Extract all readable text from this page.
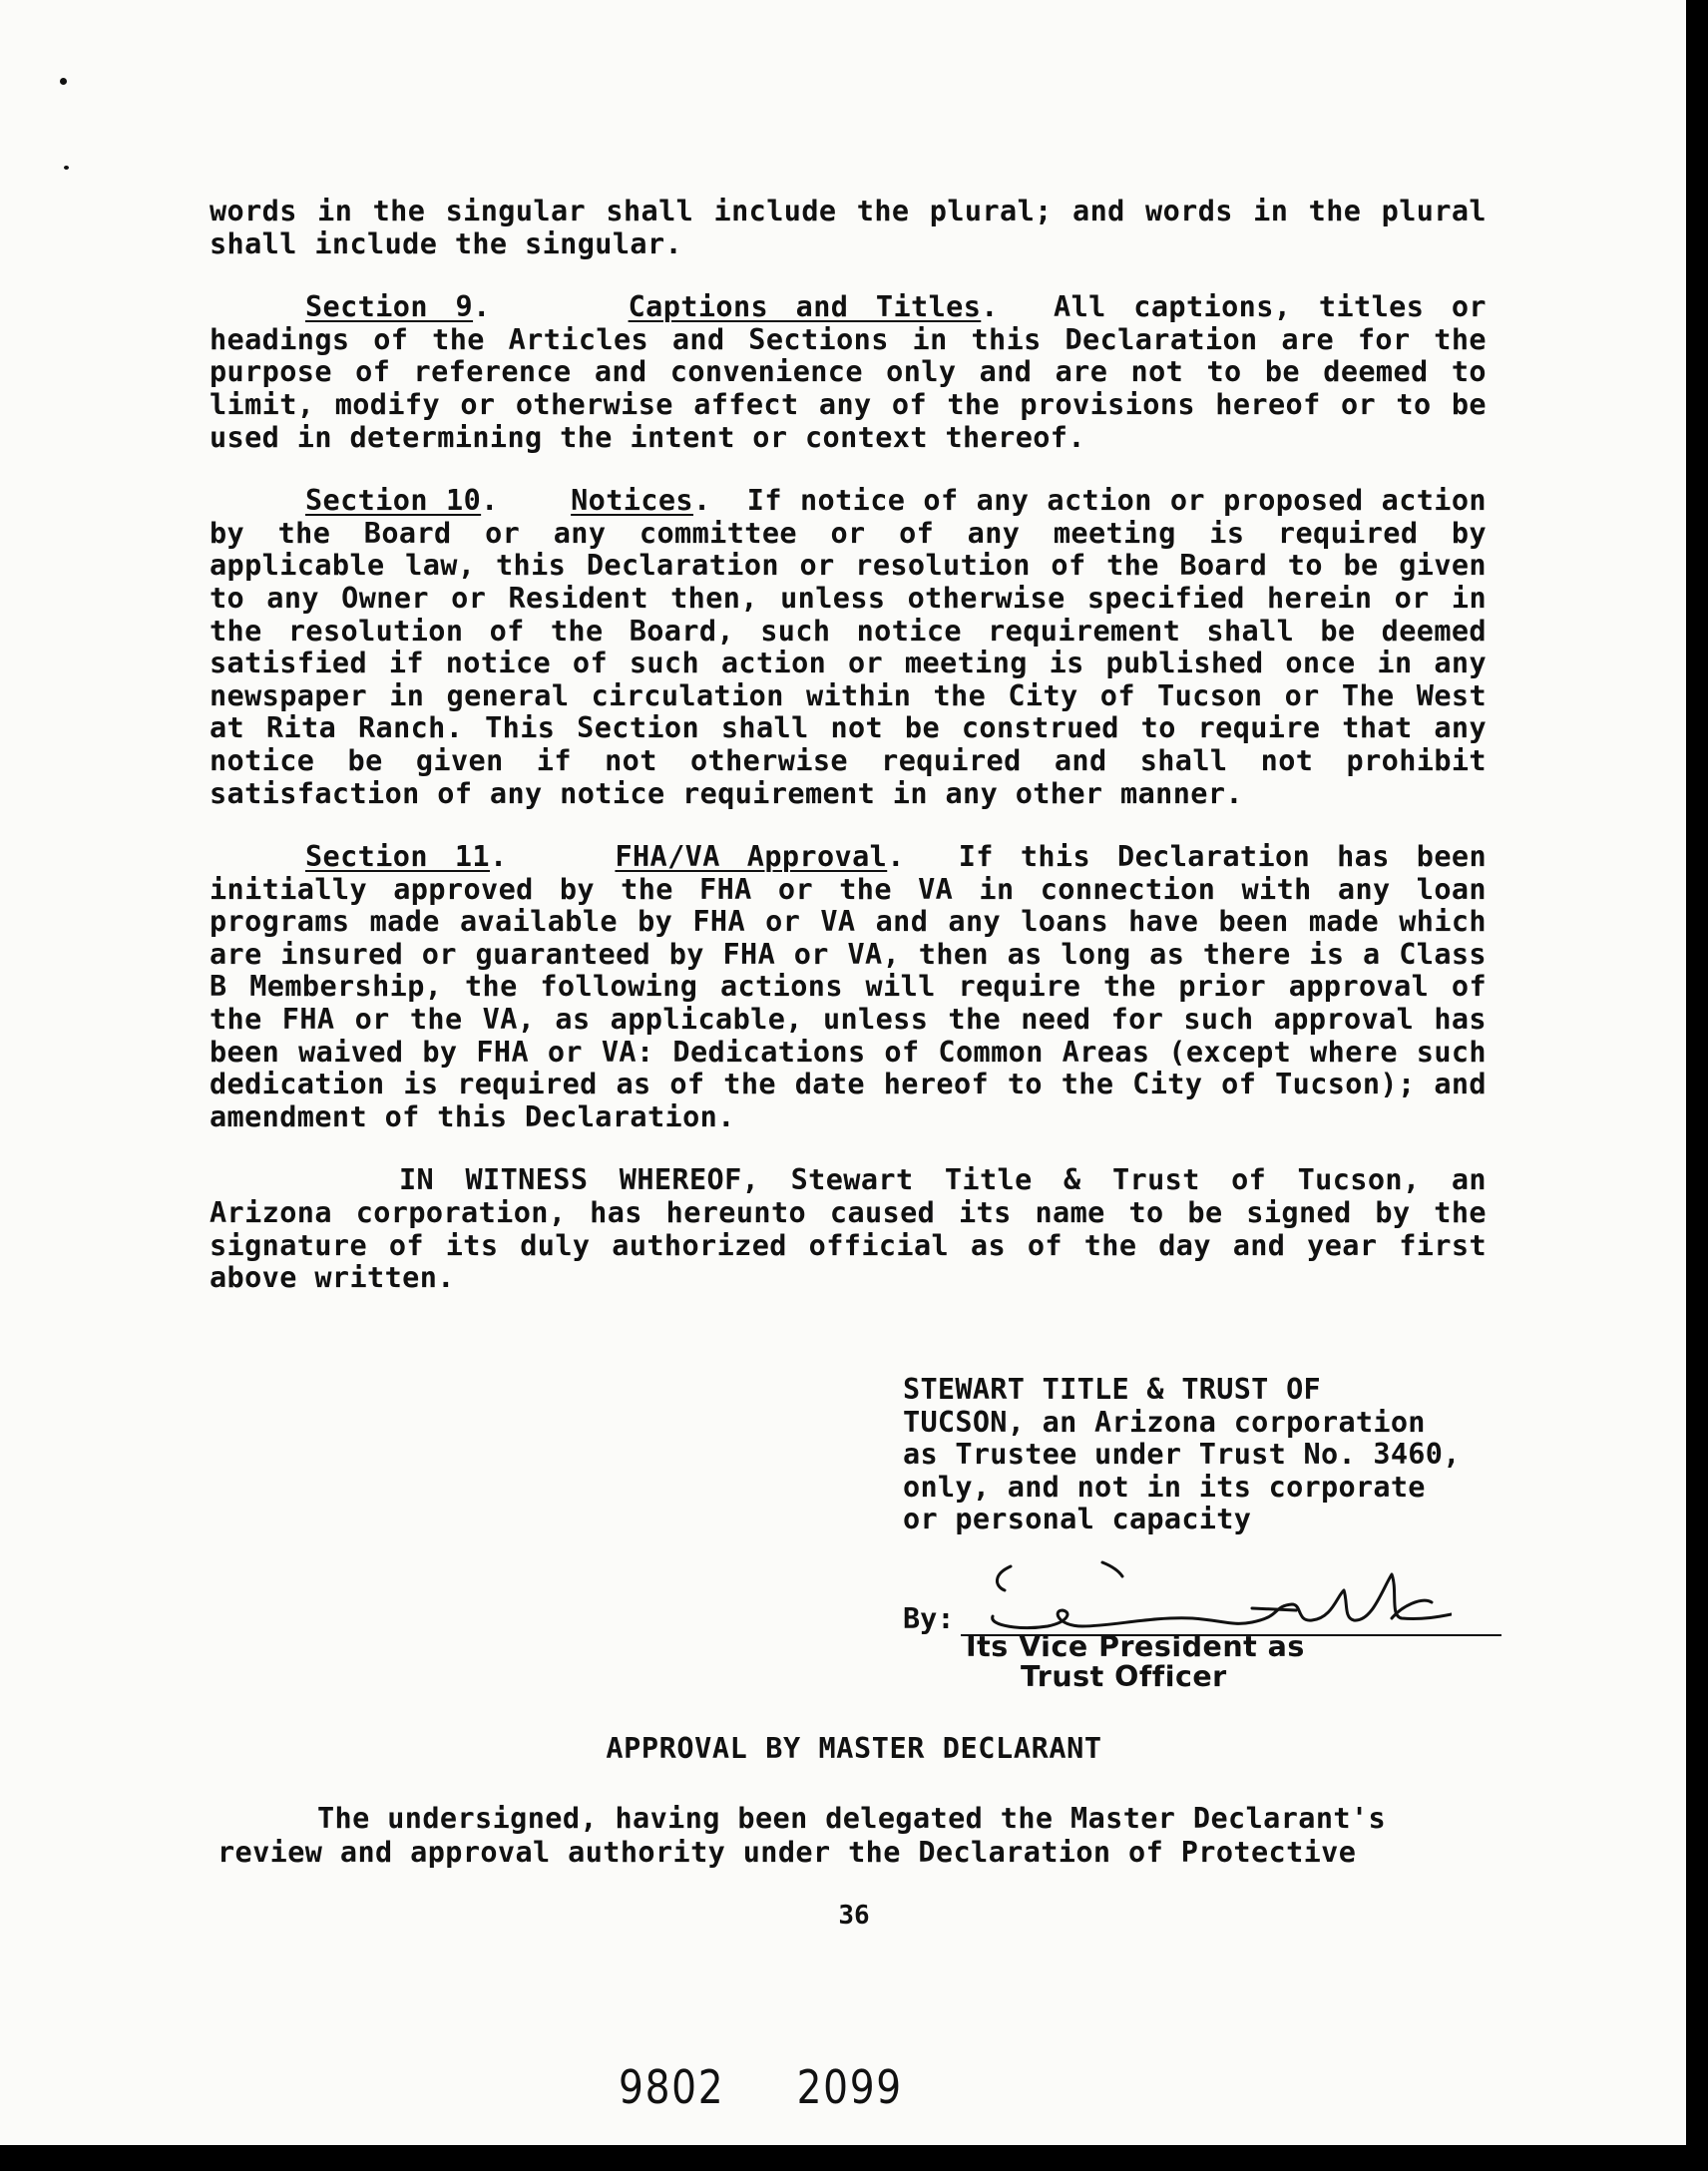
words in the singular shall include the plural; and words in the plural shall include the singular.

Section 9.     Captions and Titles.  All captions, titles or headings of the Articles and Sections in this Declaration are for the purpose of reference and convenience only and are not to be deemed to limit, modify or otherwise affect any of the provisions hereof or to be used in determining the intent or context thereof.

Section 10.    Notices.  If notice of any action or proposed action by the Board or any committee or of any meeting is required by applicable law, this Declaration or resolution of the Board to be given to any Owner or Resident then, unless otherwise specified herein or in the resolution of the Board, such notice requirement shall be deemed satisfied if notice of such action or meeting is published once in any newspaper in general circulation within the City of Tucson or The West at Rita Ranch. This Section shall not be construed to require that any notice be given if not otherwise required and shall not prohibit satisfaction of any notice requirement in any other manner.

Section 11.    FHA/VA Approval.  If this Declaration has been initially approved by the FHA or the VA in connection with any loan programs made available by FHA or VA and any loans have been made which are insured or guaranteed by FHA or VA, then as long as there is a Class B Membership, the following actions will require the prior approval of the FHA or the VA, as applicable, unless the need for such approval has been waived by FHA or VA: Dedications of Common Areas (except where such dedication is required as of the date hereof to the City of Tucson); and amendment of this Declaration.

IN WITNESS WHEREOF, Stewart Title & Trust of Tucson, an Arizona corporation, has hereunto caused its name to be signed by the signature of its duly authorized official as of the day and year first above written.

STEWART TITLE & TRUST OF
TUCSON, an Arizona corporation
as Trustee under Trust No. 3460,
only, and not in its corporate
or personal capacity
By:
Its Vice President as
Trust Officer
APPROVAL BY MASTER DECLARANT
The undersigned, having been delegated the Master Declarant's review and approval authority under the Declaration of Protective
36
9802 2099
